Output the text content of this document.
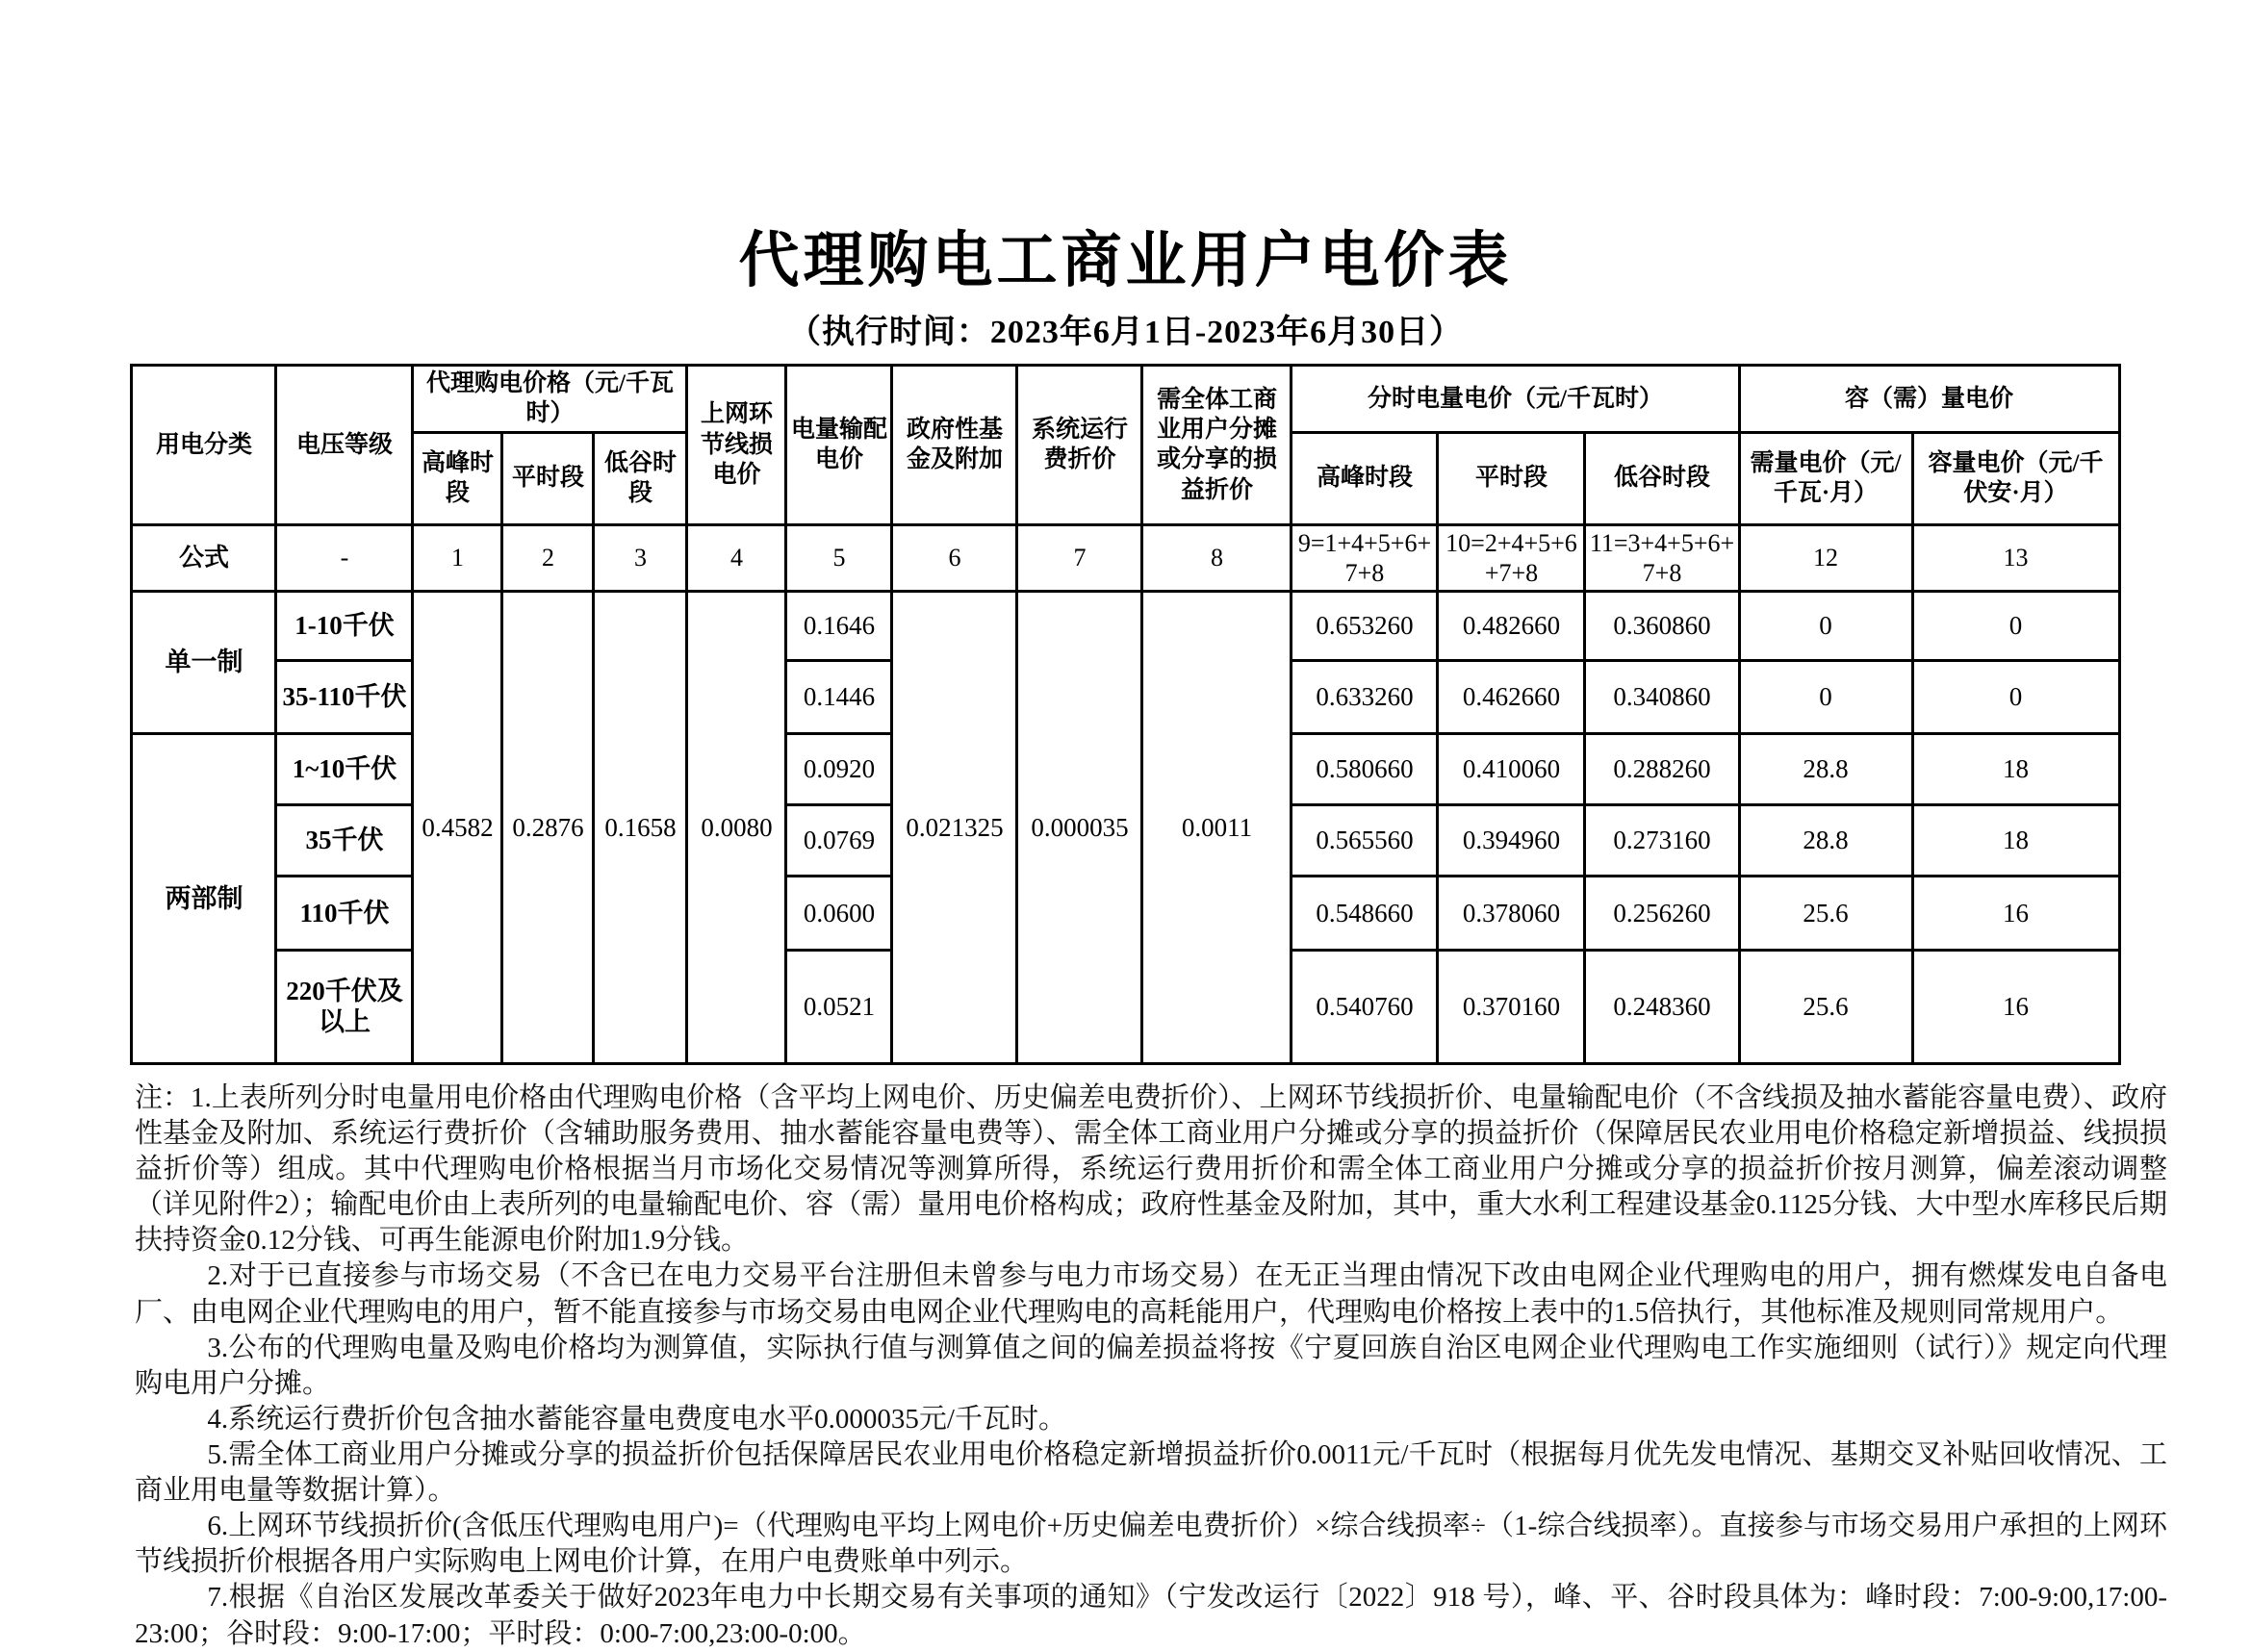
代理购电工商业用户电价表
（执行时间：2023年6月1日-2023年6月30日）
用电分类	电压等级	代理购电价格（元/千瓦时）			上网环节线损电价	电量输配电价	政府性基金及附加	系统运行费折价	需全体工商业用户分摊或分享的损益折价	分时电量电价（元/千瓦时）			容（需）量电价	
		高峰时段	平时段	低谷时段						高峰时段	平时段	低谷时段	需量电价（元/千瓦·月）	容量电价（元/千伏安·月）
公式	-	1	2	3	4	5	6	7	8	9=1+4+5+6+7+8	10=2+4+5+6+7+8	11=3+4+5+6+7+8	12	13
单一制	1-10千伏	0.4582	0.2876	0.1658	0.0080	0.1646	0.021325	0.000035	0.0011	0.653260	0.482660	0.360860	0	0
	35-110千伏					0.1446				0.633260	0.462660	0.340860	0	0
两部制	1~10千伏					0.0920				0.580660	0.410060	0.288260	28.8	18
	35千伏					0.0769				0.565560	0.394960	0.273160	28.8	18
	110千伏					0.0600				0.548660	0.378060	0.256260	25.6	16
	220千伏及以上					0.0521				0.540760	0.370160	0.248360	25.6	16

注：1.上表所列分时电量用电价格由代理购电价格（含平均上网电价、历史偏差电费折价）、上网环节线损折价、电量输配电价（不含线损及抽水蓄能容量电费）、政府性基金及附加、系统运行费折价（含辅助服务费用、抽水蓄能容量电费等）、需全体工商业用户分摊或分享的损益折价（保障居民农业用电价格稳定新增损益、线损损益折价等）组成。其中代理购电价格根据当月市场化交易情况等测算所得，系统运行费用折价和需全体工商业用户分摊或分享的损益折价按月测算，偏差滚动调整（详见附件2）；输配电价由上表所列的电量输配电价、容（需）量用电价格构成；政府性基金及附加，其中，重大水利工程建设基金0.1125分钱、大中型水库移民后期扶持资金0.12分钱、可再生能源电价附加1.9分钱。

2.对于已直接参与市场交易（不含已在电力交易平台注册但未曾参与电力市场交易）在无正当理由情况下改由电网企业代理购电的用户，拥有燃煤发电自备电厂、由电网企业代理购电的用户，暂不能直接参与市场交易由电网企业代理购电的高耗能用户，代理购电价格按上表中的1.5倍执行，其他标准及规则同常规用户。

3.公布的代理购电量及购电价格均为测算值，实际执行值与测算值之间的偏差损益将按《宁夏回族自治区电网企业代理购电工作实施细则（试行）》规定向代理购电用户分摊。

4.系统运行费折价包含抽水蓄能容量电费度电水平0.000035元/千瓦时。

5.需全体工商业用户分摊或分享的损益折价包括保障居民农业用电价格稳定新增损益折价0.0011元/千瓦时（根据每月优先发电情况、基期交叉补贴回收情况、工商业用电量等数据计算）。

6.上网环节线损折价(含低压代理购电用户)=（代理购电平均上网电价+历史偏差电费折价）×综合线损率÷（1-综合线损率）。直接参与市场交易用户承担的上网环节线损折价根据各用户实际购电上网电价计算，在用户电费账单中列示。

7.根据《自治区发展改革委关于做好2023年电力中长期交易有关事项的通知》（宁发改运行〔2022〕918 号），峰、平、谷时段具体为：峰时段：7:00-9:00,17:00-23:00；谷时段：9:00-17:00；平时段：0:00-7:00,23:00-0:00。
